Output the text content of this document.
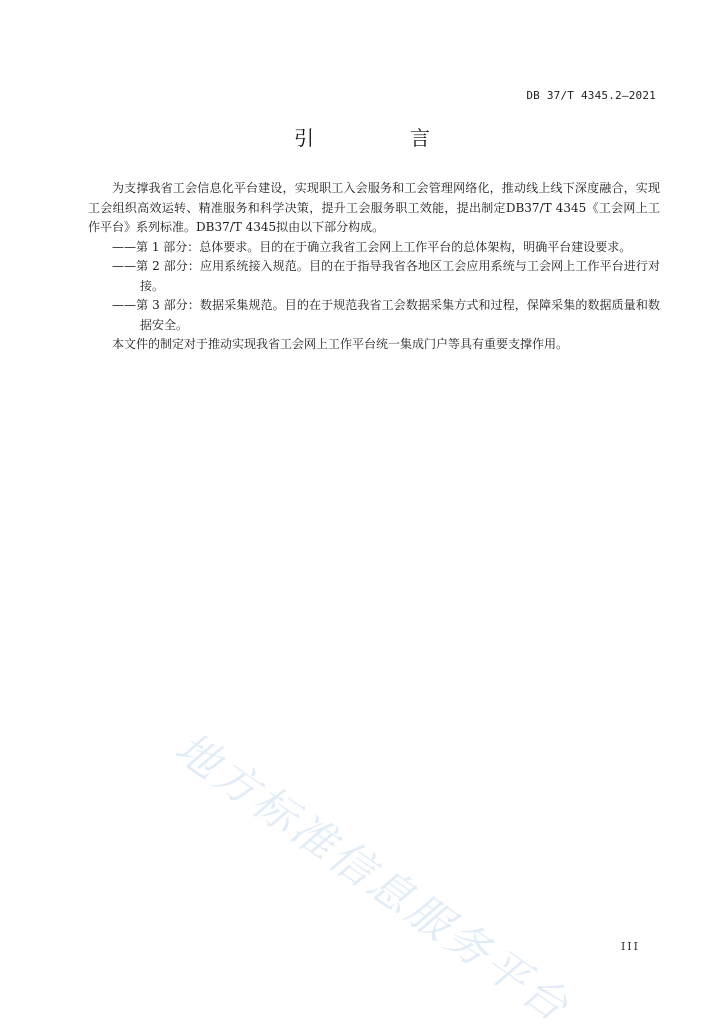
DB 37/T 4345.2—2021
引　言

为支撑我省工会信息化平台建设，实现职工入会服务和工会管理网络化，推动线上线下深度融合，实现工会组织高效运转、精准服务和科学决策，提升工会服务职工效能，提出制定DB37/T 4345《工会网上工作平台》系列标准。DB37/T 4345拟由以下部分构成。

——第 1 部分：总体要求。目的在于确立我省工会网上工作平台的总体架构，明确平台建设要求。

——第 2 部分：应用系统接入规范。目的在于指导我省各地区工会应用系统与工会网上工作平台进行对接。

——第 3 部分：数据采集规范。目的在于规范我省工会数据采集方式和过程，保障采集的数据质量和数据安全。

本文件的制定对于推动实现我省工会网上工作平台统一集成门户等具有重要支撑作用。

地方标准信息服务平台	III
